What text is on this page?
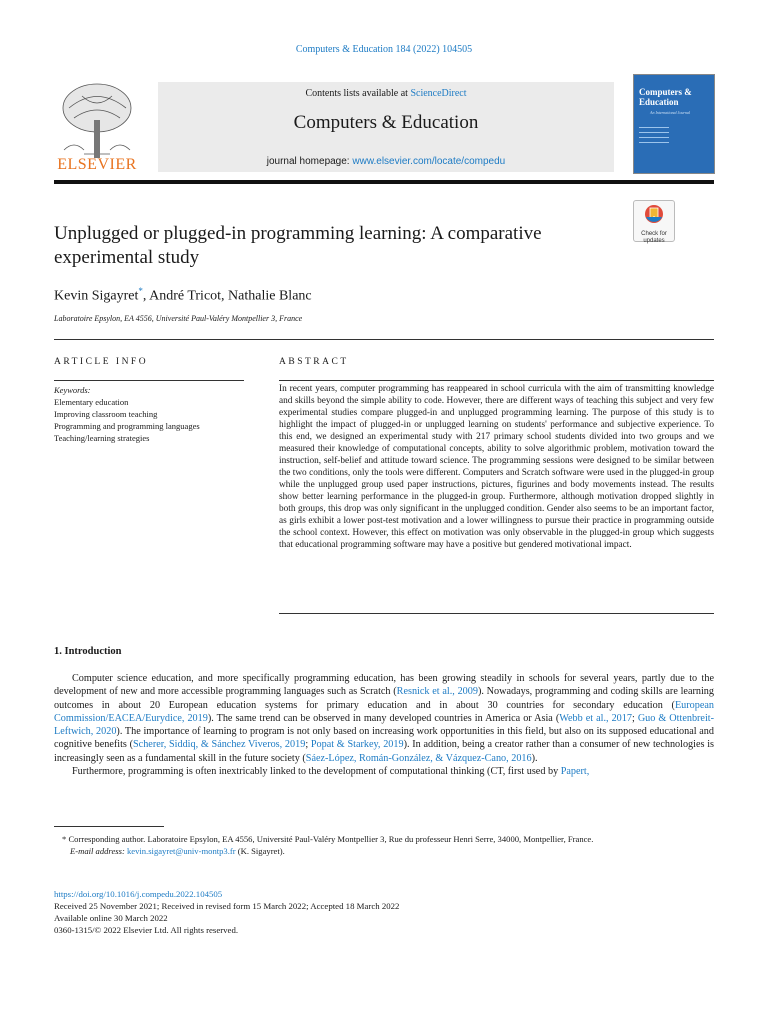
Computers & Education 184 (2022) 104505
ELSEVIER
Contents lists available at ScienceDirect
Computers & Education
journal homepage: www.elsevier.com/locate/compedu
Computers & Education
An International Journal
Unplugged or plugged-in programming learning: A comparative experimental study
Check for updates
Kevin Sigayret*, André Tricot, Nathalie Blanc
Laboratoire Epsylon, EA 4556, Université Paul-Valéry Montpellier 3, France
ARTICLE INFO
Keywords:
Elementary education
Improving classroom teaching
Programming and programming languages
Teaching/learning strategies
ABSTRACT
In recent years, computer programming has reappeared in school curricula with the aim of transmitting knowledge and skills beyond the simple ability to code. However, there are different ways of teaching this subject and very few experimental studies compare plugged-in and unplugged programming learning. The purpose of this study is to highlight the impact of plugged-in or unplugged learning on students' performance and subjective experience. To this end, we designed an experimental study with 217 primary school students divided into two groups and we measured their knowledge of computational concepts, ability to solve algorithmic problem, motivation toward the instruction, self-belief and attitude toward science. The programming sessions were designed to be similar between the two conditions, only the tools were different. Computers and Scratch software were used in the plugged-in group while the unplugged group used paper instructions, pictures, figurines and body movements instead. The results show better learning performance in the plugged-in group. Furthermore, although motivation dropped slightly in both groups, this drop was only significant in the unplugged condition. Gender also seems to be an important factor, as girls exhibit a lower post-test motivation and a lower willingness to pursue their practice in programming outside the school context. However, this effect on motivation was only observable in the plugged-in group which suggests that educational programming software may have a positive but gendered motivational impact.
1. Introduction

Computer science education, and more specifically programming education, has been growing steadily in schools for several years, partly due to the development of new and more accessible programming languages such as Scratch (Resnick et al., 2009). Nowadays, programming and coding skills are learning outcomes in about 20 European education systems for primary education and in about 30 countries for secondary education (European Commission/EACEA/Eurydice, 2019). The same trend can be observed in many developed countries in America or Asia (Webb et al., 2017; Guo & Ottenbreit-Leftwich, 2020). The importance of learning to program is not only based on increasing work opportunities in this field, but also on its supposed educational and cognitive benefits (Scherer, Siddiq, & Sánchez Viveros, 2019; Popat & Starkey, 2019). In addition, being a creator rather than a consumer of new technologies is increasingly seen as a fundamental skill in the future society (Sáez-López, Román-González, & Vázquez-Cano, 2016).

Furthermore, programming is often inextricably linked to the development of computational thinking (CT, first used by Papert,

* Corresponding author. Laboratoire Epsylon, EA 4556, Université Paul-Valéry Montpellier 3, Rue du professeur Henri Serre, 34000, Montpellier, France.

E-mail address: kevin.sigayret@univ-montp3.fr (K. Sigayret).

https://doi.org/10.1016/j.compedu.2022.104505
Received 25 November 2021; Received in revised form 15 March 2022; Accepted 18 March 2022
Available online 30 March 2022
0360-1315/© 2022 Elsevier Ltd. All rights reserved.
